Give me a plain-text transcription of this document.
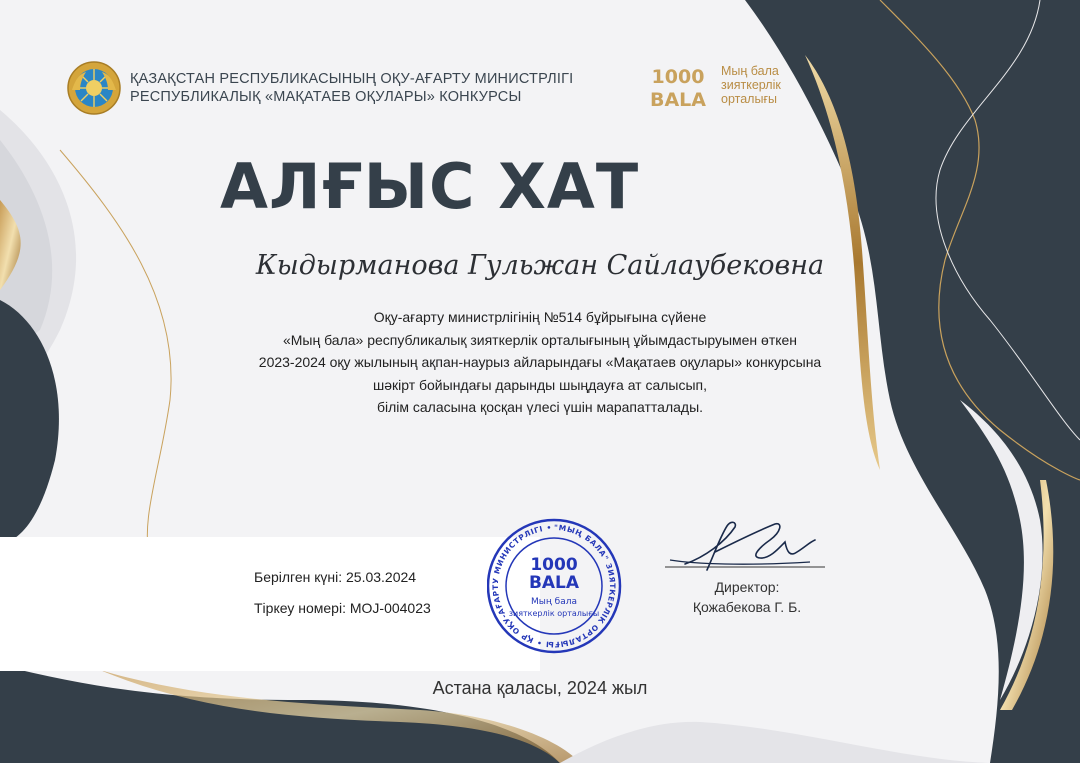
ҚАЗАҚСТАН РЕСПУБЛИКАСЫНЫҢ ОҚУ-АҒАРТУ МИНИСТРЛІГІ
РЕСПУБЛИКАЛЫҚ «МАҚАТАЕВ ОҚУЛАРЫ» КОНКУРСЫ
1000
BALA
Мың бала
зияткерлік
орталығы
АЛҒЫС ХАТ
Кыдырманова Гульжан Сайлаубековна
Оқу-ағарту министрлігінің №514 бұйрығына сүйене
«Мың бала» республикалық зияткерлік орталығының ұйымдастыруымен өткен
2023-2024 оқу жылының ақпан-наурыз айларындағы «Мақатаев оқулары» конкурсына
шәкірт бойындағы дарынды шыңдауға ат салысып,
білім саласына қосқан үлесі үшін марапатталады.
Берілген күні: 25.03.2024
Тіркеу номері: MOJ-004023
"МЫҢ БАЛА" ЗИЯТКЕРЛІК ОРТАЛЫҒЫ • ҚР ОҚУ-АҒАРТУ МИНИСТРЛІГІ •
1000
BALA
Мың бала
зияткерлік орталығы
Директор:
Қожабекова Г. Б.
Астана қаласы, 2024 жыл
